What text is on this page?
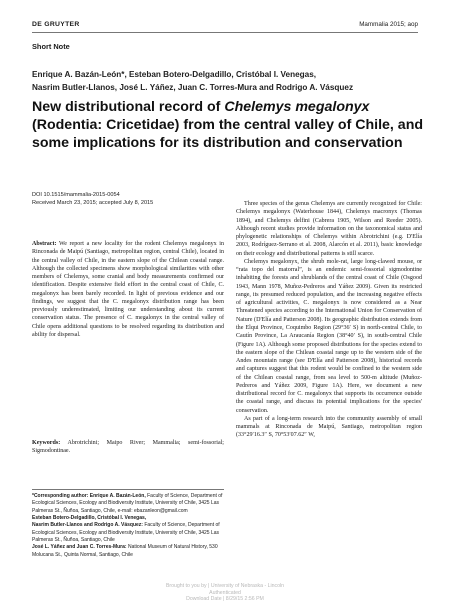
DE GRUYTER	Mammalia 2015; aop
Short Note

Enrique A. Bazán-León*, Esteban Botero-Delgadillo, Cristóbal I. Venegas,
Nasrim Butler-Llanos, José L. Yáñez, Juan C. Torres-Mura and Rodrigo A. Vásquez

New distributional record of Chelemys megalonyx (Rodentia: Cricetidae) from the central valley of Chile, and some implications for its distribution and conservation
DOI 10.1515/mammalia-2015-0054
Received March 23, 2015; accepted July 8, 2015

Abstract: We report a new locality for the rodent Chelemys megalonyx in Rinconada de Maipú (Santiago, metropolitan region, central Chile), located in the central valley of Chile, in the eastern slope of the Chilean coastal range. Although the collected specimens show morphological similarities with other members of Chelemys, some cranial and body measurements confirmed our identification. Despite extensive field effort in the central coast of Chile, C. megalonyx has been barely recorded. In light of previous evidence and our findings, we suggest that the C. megalonyx distribution range has been previously underestimated, limiting our understanding about its current conservation status. The presence of C. megalonyx in the central valley of Chile opens additional questions to be resolved regarding its distribution and ability for dispersal.

Keywords: Abrotrichini; Maipo River; Mammalia; semi-fossorial; Sigmodontinae.

*Corresponding author: Enrique A. Bazán-León, Faculty of Science, Department of Ecological Sciences, Ecology and Biodiversity Institute, University of Chile, 3425 Las Palmeras St., Ñuñoa, Santiago, Chile, e-mail: ebazanleon@gmail.com
Esteban Botero-Delgadillo, Cristóbal I. Venegas,
Nasrim Butler-Llanos and Rodrigo A. Vásquez: Faculty of Science, Department of Ecological Sciences, Ecology and Biodiversity Institute, University of Chile, 3425 Las Palmeras St., Ñuñoa, Santiago, Chile
José L. Yáñez and Juan C. Torres-Mura: National Museum of Natural History, 530 Molucana St., Quinta Normal, Santiago, Chile

Three species of the genus Chelemys are currently recognized for Chile: Chelemys megalonyx (Waterhouse 1844), Chelemys macronyx (Thomas 1894), and Chelemys delfini (Cabrera 1905, Wilson and Reeder 2005). Although recent studies provide information on the taxonomical status and phylogenetic relationships of Chelemys within Abrotrichini (e.g. D'Elía 2003, Rodríguez-Serrano et al. 2008, Alarcón et al. 2011), basic knowledge on their ecology and distributional patterns is still scarce.

Chelemys megalonyx, the shrub mole-rat, large long-clawed mouse, or “rata topo del matorral”, is an endemic semi-fossorial sigmodontine inhabiting the forests and shrublands of the central coast of Chile (Osgood 1943, Mann 1978, Muñoz-Pedreros and Yáñez 2009). Given its restricted range, its presumed reduced population, and the increasing negative effects of agricultural activities, C. megalonyx is now considered as a Near Threatened species according to the International Union for Conservation of Nature (D'Elía and Patterson 2008). Its geographic distribution extends from the Elqui Province, Coquimbo Region (29°36′ S) in north-central Chile, to Cautín Province, La Araucanía Region (38°40′ S), in south-central Chile (Figure 1A). Although some proposed distributions for the species extend to the eastern slope of the Chilean coastal range up to the western side of the Andes mountain range (see D'Elía and Patterson 2008), historical records and captures suggest that this rodent would be confined to the western side of the Chilean coastal range, from sea level to 500-m altitude (Muñoz-Pedreros and Yáñez 2009, Figure 1A). Here, we document a new distributional record for C. megalonyx that supports its occurrence outside the coastal range, and discuss its potential implications for the species' conservation.

As part of a long-term research into the community assembly of small mammals at Rinconada de Maipú, Santiago, metropolitan region (33°29′16.3″ S, 70°53′07.62″ W,

Brought to you by | University of Nebraska - Lincoln
Authenticated
Download Date | 8/29/15 2:56 PM
